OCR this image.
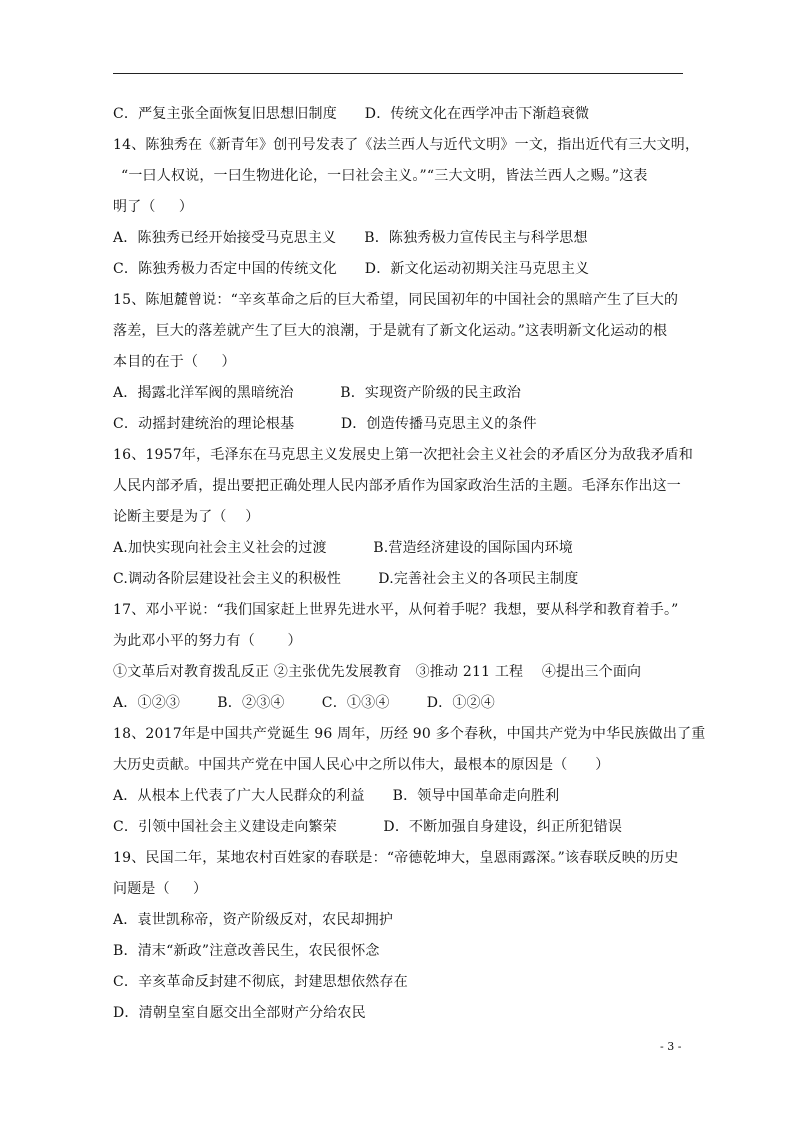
C．严复主张全面恢复旧思想旧制度      D．传统文化在西学冲击下渐趋衰微
14、陈独秀在《新青年》创刊号发表了《法兰西人与近代文明》一文，指出近代有三大文明，
“一曰人权说，一曰生物进化论，一曰社会主义。”“三大文明，皆法兰西人之赐。”这表
明了（     ）
A．陈独秀已经开始接受马克思主义      B．陈独秀极力宣传民主与科学思想
C．陈独秀极力否定中国的传统文化      D．新文化运动初期关注马克思主义
15、陈旭麓曾说：“辛亥革命之后的巨大希望，同民国初年的中国社会的黑暗产生了巨大的
落差，巨大的落差就产生了巨大的浪潮，于是就有了新文化运动。”这表明新文化运动的根
本目的在于（     ）
A．揭露北洋军阀的黑暗统治          B．实现资产阶级的民主政治
C．动摇封建统治的理论根基          D．创造传播马克思主义的条件
16、1957年，毛泽东在马克思主义发展史上第一次把社会主义社会的矛盾区分为敌我矛盾和
人民内部矛盾，提出要把正确处理人民内部矛盾作为国家政治生活的主题。毛泽东作出这一
论断主要是为了（    ）
A.加快实现向社会主义社会的过渡          B.营造经济建设的国际国内环境
C.调动各阶层建设社会主义的积极性        D.完善社会主义的各项民主制度
17、邓小平说：“我们国家赶上世界先进水平，从何着手呢？我想，要从科学和教育着手。”
为此邓小平的努力有（       ）
①文革后对教育拨乱反正 ②主张优先发展教育   ③推动 211 工程    ④提出三个面向
A．①②③        B．②③④        C．①③④        D．①②④
18、2017年是中国共产党诞生 96 周年，历经 90 多个春秋，中国共产党为中华民族做出了重
大历史贡献。中国共产党在中国人民心中之所以伟大，最根本的原因是（      ）
A．从根本上代表了广大人民群众的利益      B．领导中国革命走向胜利
C．引领中国社会主义建设走向繁荣          D．不断加强自身建设，纠正所犯错误
19、民国二年，某地农村百姓家的春联是：“帝德乾坤大，皇恩雨露深。”该春联反映的历史
问题是（     ）
A．袁世凯称帝，资产阶级反对，农民却拥护
B．清末“新政”注意改善民生，农民很怀念
C．辛亥革命反封建不彻底，封建思想依然存在
D．清朝皇室自愿交出全部财产分给农民
- 3 -
